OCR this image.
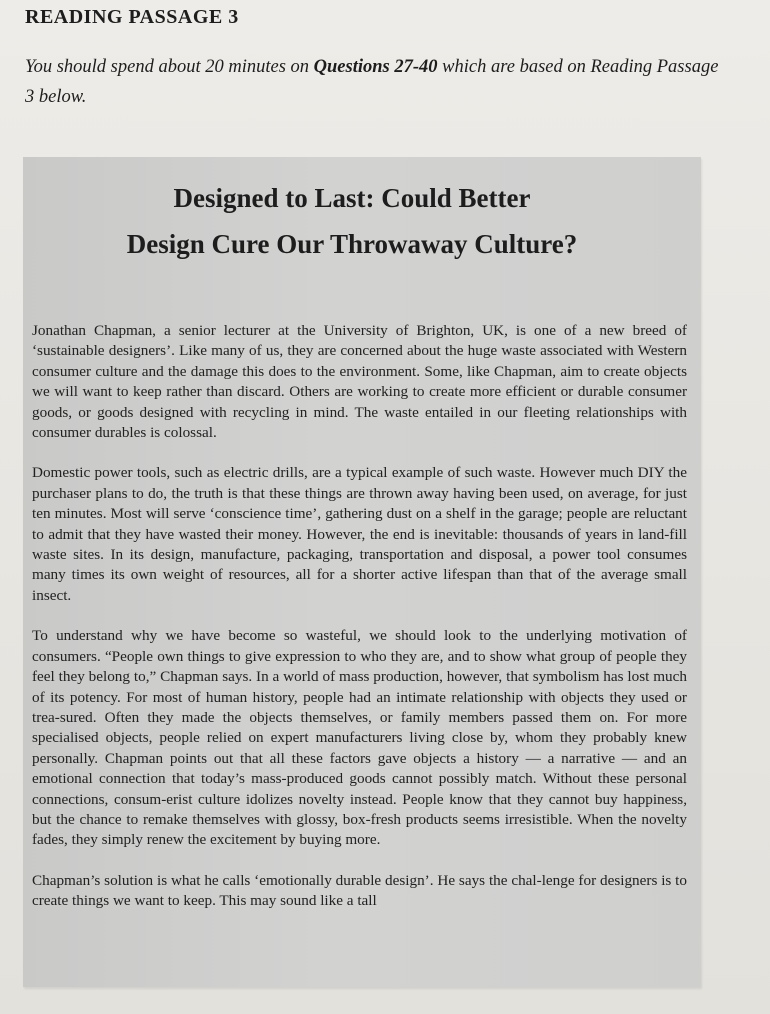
READING PASSAGE 3

You should spend about 20 minutes on Questions 27-40 which are based on Reading Passage 3 below.

Designed to Last: Could Better
Design Cure Our Throwaway Culture?

Jonathan Chapman, a senior lecturer at the University of Brighton, UK, is one of a new breed of ‘sustainable designers’. Like many of us, they are concerned about the huge waste associated with Western consumer culture and the damage this does to the environment. Some, like Chapman, aim to create objects we will want to keep rather than discard. Others are working to create more efficient or durable consumer goods, or goods designed with recycling in mind. The waste entailed in our fleeting relationships with consumer durables is colossal.

Domestic power tools, such as electric drills, are a typical example of such waste. However much DIY the purchaser plans to do, the truth is that these things are thrown away having been used, on average, for just ten minutes. Most will serve ‘conscience time’, gathering dust on a shelf in the garage; people are reluctant to admit that they have wasted their money. However, the end is inevitable: thousands of years in land-fill waste sites. In its design, manufacture, packaging, transportation and disposal, a power tool consumes many times its own weight of resources, all for a shorter active lifespan than that of the average small insect.

To understand why we have become so wasteful, we should look to the underlying motivation of consumers. “People own things to give expression to who they are, and to show what group of people they feel they belong to,” Chapman says. In a world of mass production, however, that symbolism has lost much of its potency. For most of human history, people had an intimate relationship with objects they used or trea-sured. Often they made the objects themselves, or family members passed them on. For more specialised objects, people relied on expert manufacturers living close by, whom they probably knew personally. Chapman points out that all these factors gave objects a history — a narrative — and an emotional connection that today’s mass-produced goods cannot possibly match. Without these personal connections, consum-erist culture idolizes novelty instead. People know that they cannot buy happiness, but the chance to remake themselves with glossy, box-fresh products seems irresistible. When the novelty fades, they simply renew the excitement by buying more.

Chapman’s solution is what he calls ‘emotionally durable design’. He says the chal-lenge for designers is to create things we want to keep. This may sound like a tall
